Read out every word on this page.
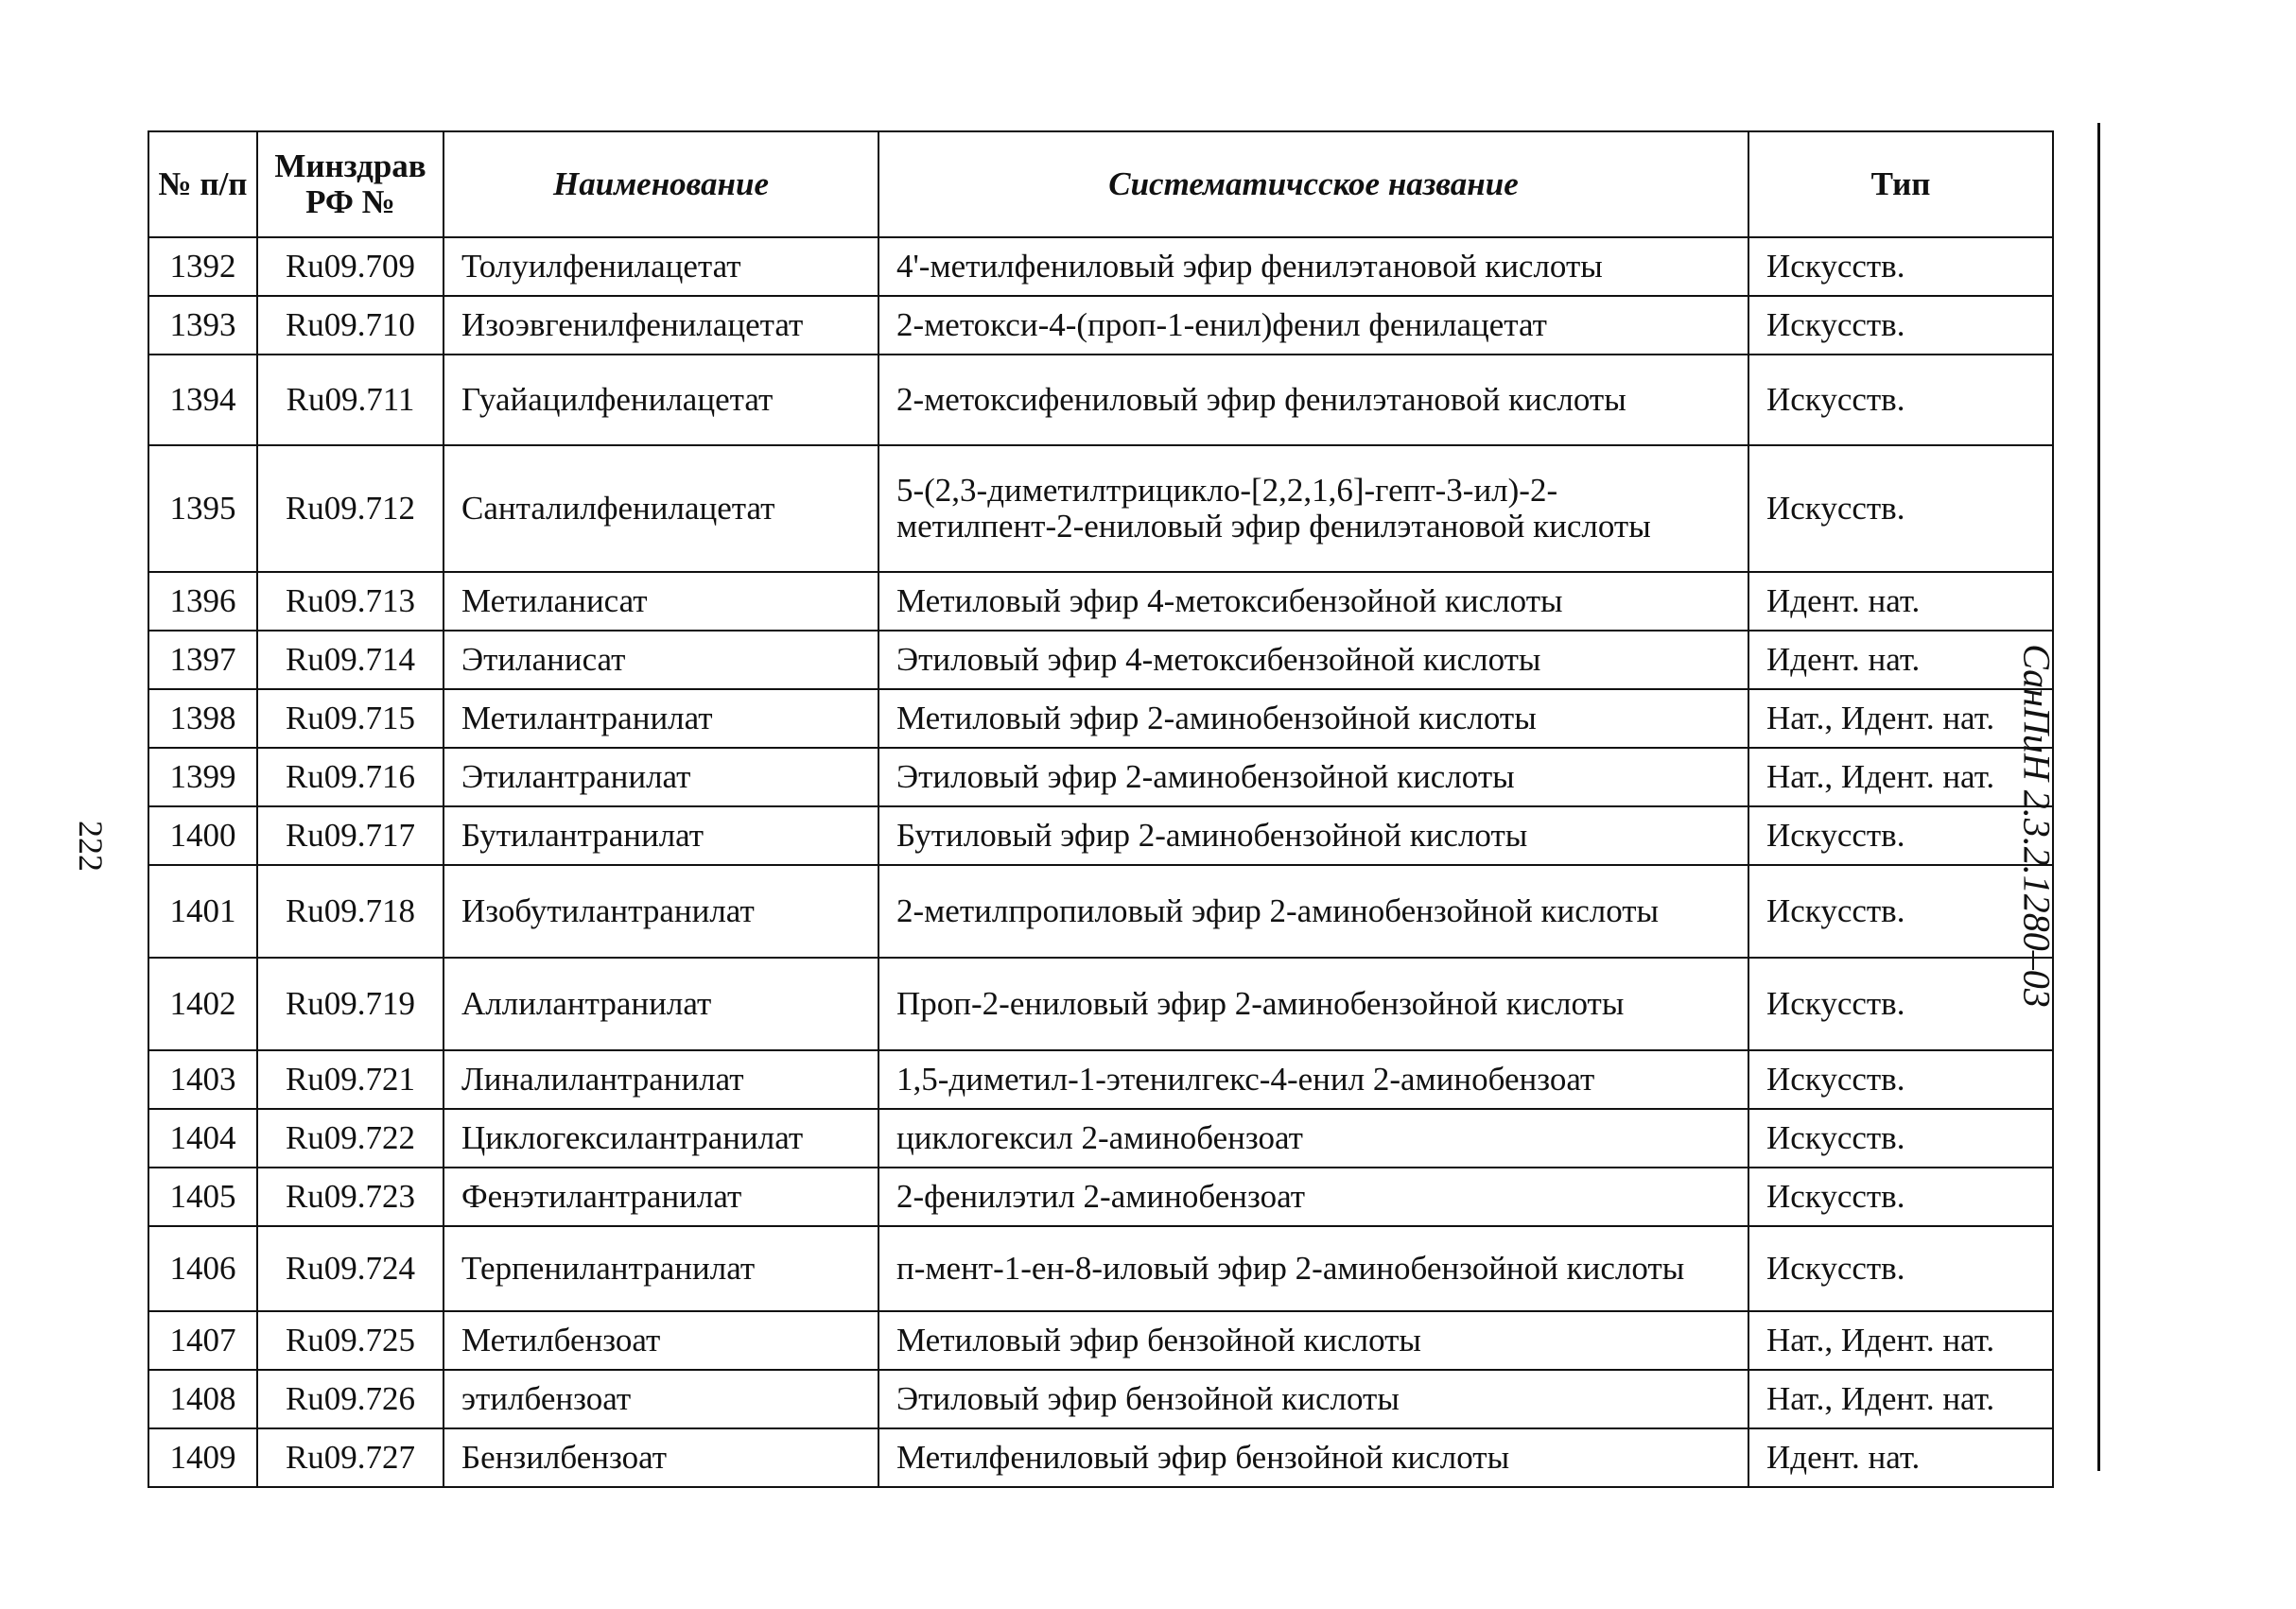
222	СанПиН 2.3.2.1280–03
№ п/п	Минздрав РФ №	Наименование	Систематичсское название	Тип
1392	Ru09.709	Толуилфенилацетат	4'-метилфениловый эфир фенилэтановой кислоты	Искусств.
1393	Ru09.710	Изоэвгенилфенилацетат	2-метокси-4-(проп-1-енил)фенил фенилацетат	Искусств.
1394	Ru09.711	Гуайацилфенилацетат	2-метоксифениловый эфир фенилэтановой кислоты	Искусств.
1395	Ru09.712	Санталилфенилацетат	5-(2,3-диметилтрицикло-[2,2,1,6]-гепт-3-ил)-2-метилпент-2-ениловый эфир фенилэтановой кислоты	Искусств.
1396	Ru09.713	Метиланисат	Метиловый эфир 4-метоксибензойной кислоты	Идент. нат.
1397	Ru09.714	Этиланисат	Этиловый эфир 4-метоксибензойной кислоты	Идент. нат.
1398	Ru09.715	Метилантранилат	Метиловый эфир 2-аминобензойной кислоты	Нат., Идент. нат.
1399	Ru09.716	Этилантранилат	Этиловый эфир 2-аминобензойной кислоты	Нат., Идент. нат.
1400	Ru09.717	Бутилантранилат	Бутиловый эфир 2-аминобензойной кислоты	Искусств.
1401	Ru09.718	Изобутилантранилат	2-метилпропиловый эфир 2-аминобензойной кислоты	Искусств.
1402	Ru09.719	Аллилантранилат	Проп-2-ениловый эфир 2-аминобензойной кислоты	Искусств.
1403	Ru09.721	Линалилантранилат	1,5-диметил-1-этенилгекс-4-енил 2-аминобензоат	Искусств.
1404	Ru09.722	Циклогексилантранилат	циклогексил 2-аминобензоат	Искусств.
1405	Ru09.723	Фенэтилантранилат	2-фенилэтил 2-аминобензоат	Искусств.
1406	Ru09.724	Терпенилантранилат	п-мент-1-ен-8-иловый эфир 2-аминобензойной кислоты	Искусств.
1407	Ru09.725	Метилбензоат	Метиловый эфир бензойной кислоты	Нат., Идент. нат.
1408	Ru09.726	этилбензоат	Этиловый эфир бензойной кислоты	Нат., Идент. нат.
1409	Ru09.727	Бензилбензоат	Метилфениловый эфир бензойной кислоты	Идент. нат.
